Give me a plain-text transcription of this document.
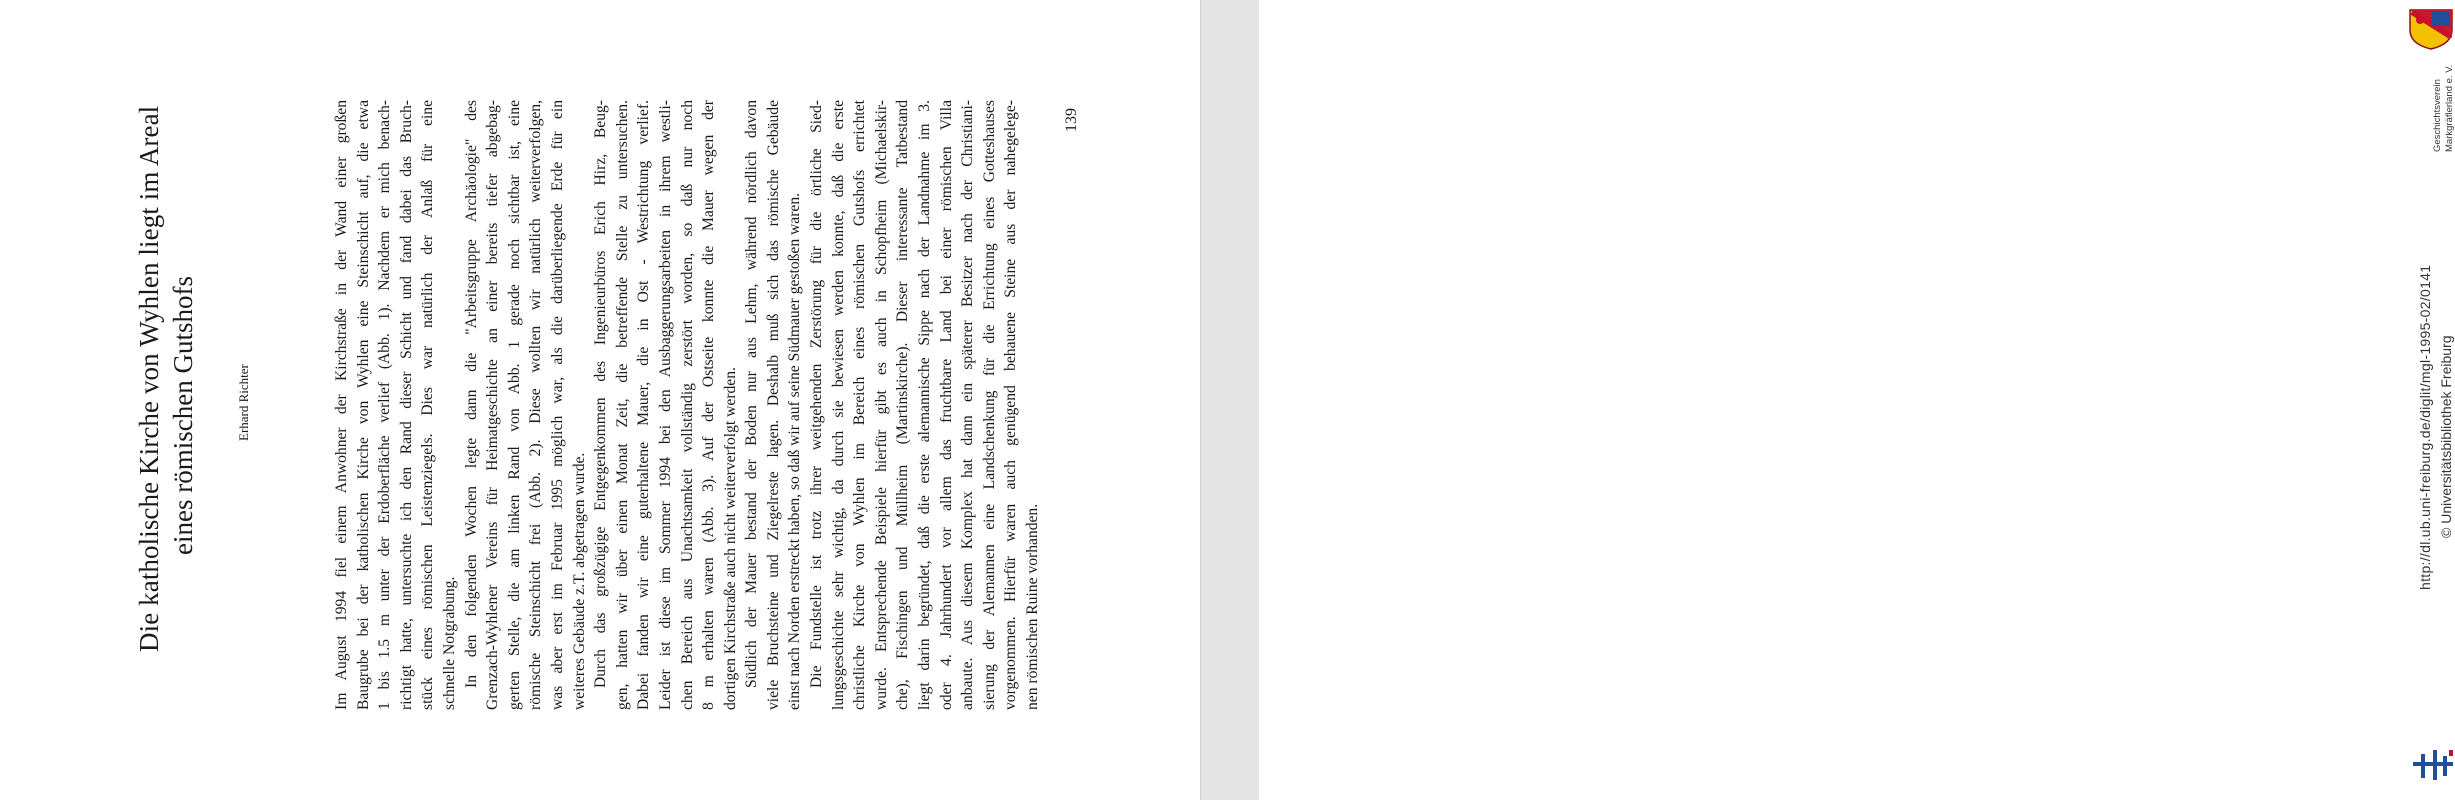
Die katholische Kirche von Wyhlen liegt im Areal eines römischen Gutshofs	Erhard Richter	Im August 1994 fiel einem Anwohner der Kirchstraße in der Wand einer großen Baugrube bei der katholischen Kirche von Wyhlen eine Steinschicht auf, die etwa 1 bis 1.5 m unter der Erdoberfläche verlief (Abb. 1). Nachdem er mich benach- richtigt hatte, untersuchte ich den Rand dieser Schicht und fand dabei das Bruch- stück eines römischen Leistenziegels. Dies war natürlich der Anlaß für eine schnelle Notgrabung. In den folgenden Wochen legte dann die "Arbeitsgruppe Archäologie" des Grenzach-Wyhlener Vereins für Heimatgeschichte an einer bereits tiefer abgebag- gerten Stelle, die am linken Rand von Abb. 1 gerade noch sichtbar ist, eine römische Steinschicht frei (Abb. 2). Diese wollten wir natürlich weiterverfolgen, was aber erst im Februar 1995 möglich war, als die darüberliegende Erde für ein weiteres Gebäude z.T. abgetragen wurde. Durch das großzügige Entgegenkommen des Ingenieurbüros Erich Hirz, Beug- gen, hatten wir über einen Monat Zeit, die betreffende Stelle zu untersuchen. Dabei fanden wir eine guterhaltene Mauer, die in Ost - Westrichtung verlief. Leider ist diese im Sommer 1994 bei den Ausbaggerungsarbeiten in ihrem westli- chen Bereich aus Unachtsamkeit vollständig zerstört worden, so daß nur noch 8 m erhalten waren (Abb. 3). Auf der Ostseite konnte die Mauer wegen der dortigen Kirchstraße auch nicht weiterverfolgt werden. Südlich der Mauer bestand der Boden nur aus Lehm, während nördlich davon viele Bruchsteine und Ziegelreste lagen. Deshalb muß sich das römische Gebäude einst nach Norden erstreckt haben, so daß wir auf seine Südmauer gestoßen waren. Die Fundstelle ist trotz ihrer weitgehenden Zerstörung für die örtliche Sied- lungsgeschichte sehr wichtig, da durch sie bewiesen werden konnte, daß die erste christliche Kirche von Wyhlen im Bereich eines römischen Gutshofs errichtet wurde. Entsprechende Beispiele hierfür gibt es auch in Schopfheim (Michaelskir- che), Fischingen und Müllheim (Martinskirche). Dieser interessante Tatbestand liegt darin begründet, daß die erste alemannische Sippe nach der Landnahme im 3. oder 4. Jahrhundert vor allem das fruchtbare Land bei einer römischen Villa anbaute. Aus diesem Komplex hat dann ein späterer Besitzer nach der Christiani- sierung der Alemannen eine Landschenkung für die Errichtung eines Gotteshauses vorgenommen. Hierfür waren auch genügend behauene Steine aus der nahegelege- nen römischen Ruine vorhanden.
139
http://dl.ub.uni-freiburg.de/diglit/mgl-1995-02/0141 © Universitätsbibliothek Freiburg
Geschichtsverein Markgräflerland e. V.
